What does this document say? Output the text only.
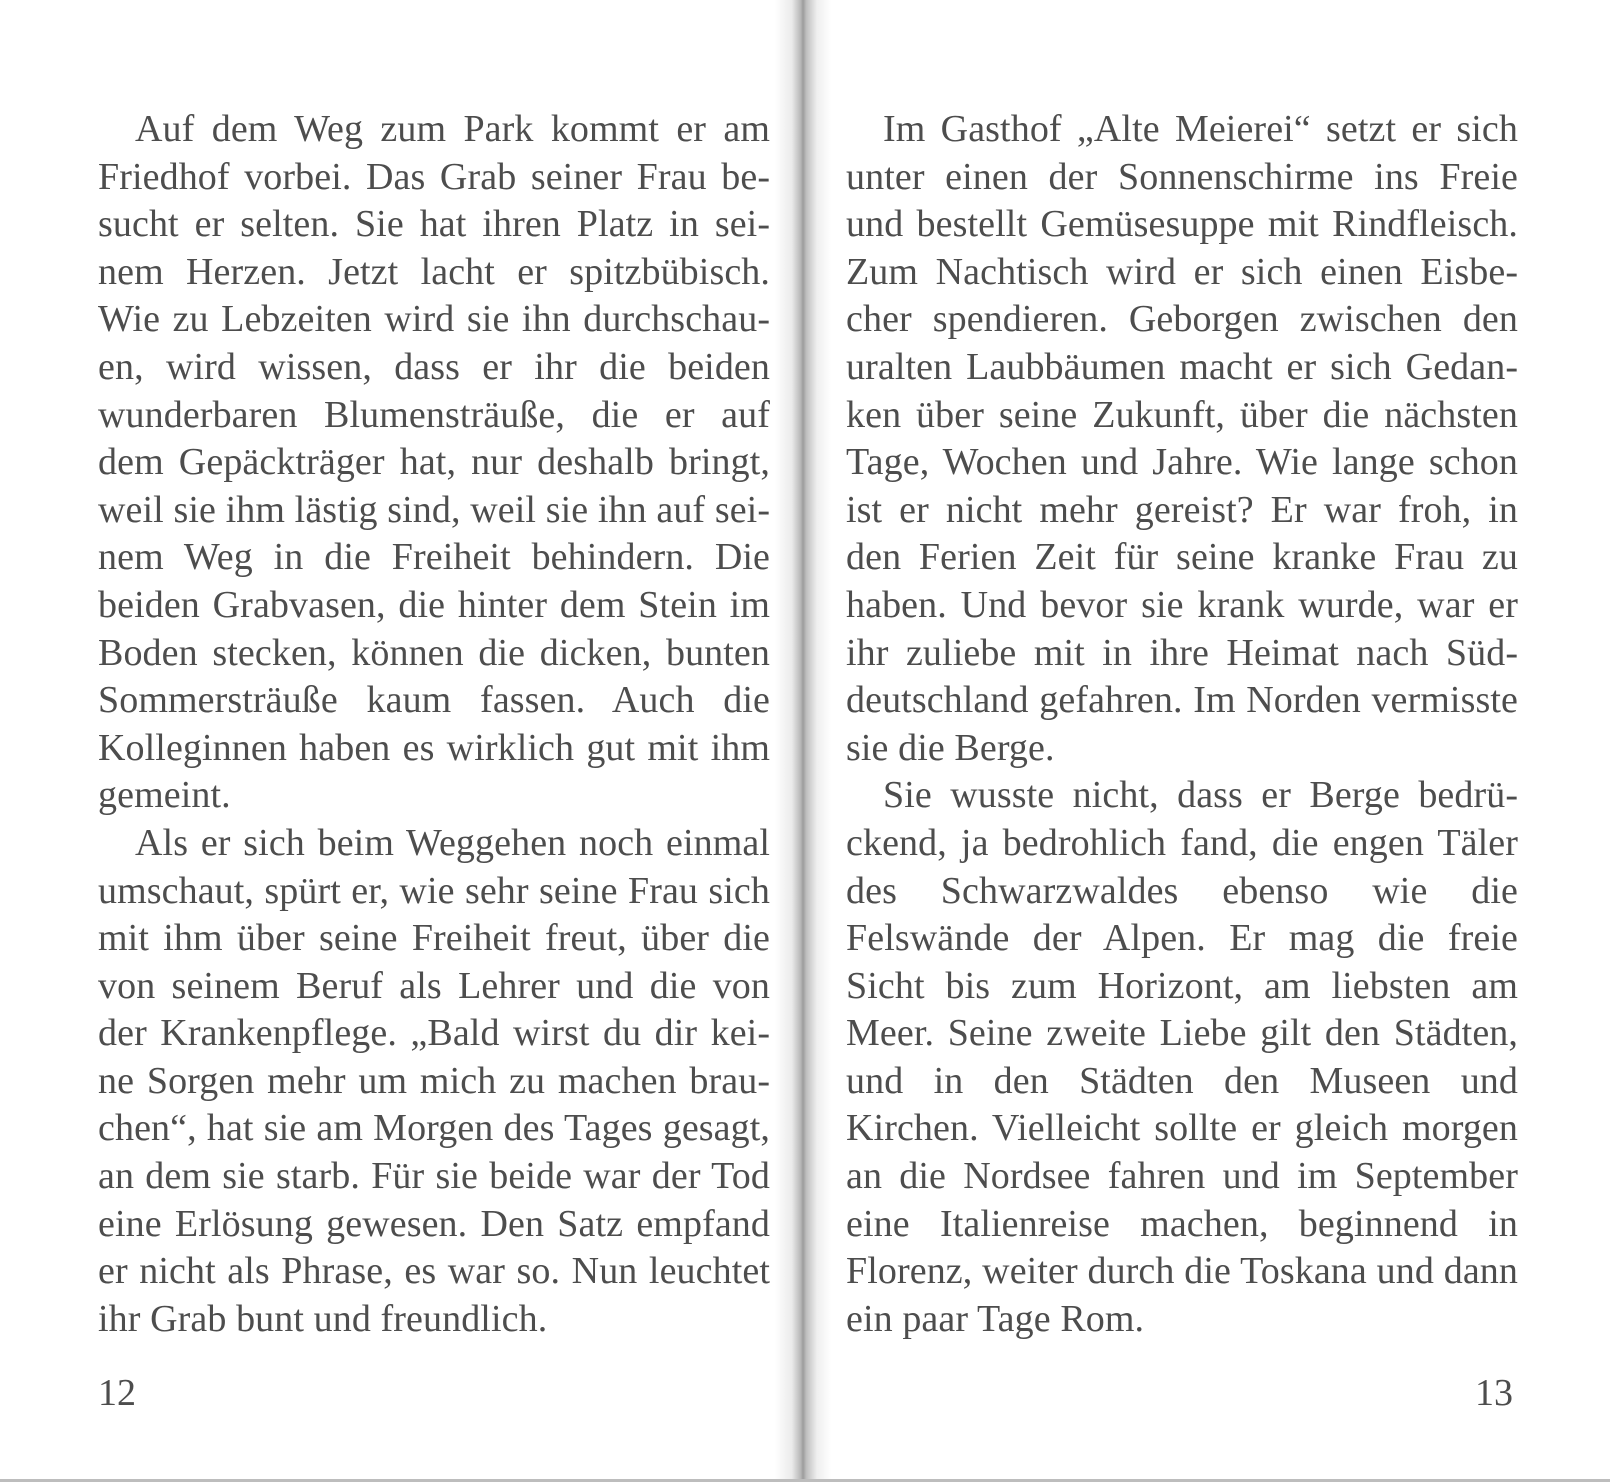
Auf dem Weg zum Park kommt er am Friedhof vorbei. Das Grab seiner Frau besucht er selten. Sie hat ihren Platz in seinem Herzen. Jetzt lacht er spitzbübisch. Wie zu Lebzeiten wird sie ihn durchschauen, wird wissen, dass er ihr die beiden wunderbaren Blumensträuße, die er auf dem Gepäckträger hat, nur deshalb bringt, weil sie ihm lästig sind, weil sie ihn auf seinem Weg in die Freiheit behindern. Die beiden Grabvasen, die hinter dem Stein im Boden stecken, können die dicken, bunten Sommersträuße kaum fassen. Auch die Kolleginnen haben es wirklich gut mit ihm gemeint.

Als er sich beim Weggehen noch einmal umschaut, spürt er, wie sehr seine Frau sich mit ihm über seine Freiheit freut, über die von seinem Beruf als Lehrer und die von der Krankenpflege. „Bald wirst du dir keine Sorgen mehr um mich zu machen brauchen“, hat sie am Morgen des Tages gesagt, an dem sie starb. Für sie beide war der Tod eine Erlösung gewesen. Den Satz empfand er nicht als Phrase, es war so. Nun leuchtet ihr Grab bunt und freundlich.

12

Im Gasthof „Alte Meierei“ setzt er sich unter einen der Sonnenschirme ins Freie und bestellt Gemüsesuppe mit Rindfleisch. Zum Nachtisch wird er sich einen Eisbecher spendieren. Geborgen zwischen den uralten Laubbäumen macht er sich Gedanken über seine Zukunft, über die nächsten Tage, Wochen und Jahre. Wie lange schon ist er nicht mehr gereist? Er war froh, in den Ferien Zeit für seine kranke Frau zu haben. Und bevor sie krank wurde, war er ihr zuliebe mit in ihre Heimat nach Süddeutschland gefahren. Im Norden vermisste sie die Berge.

Sie wusste nicht, dass er Berge bedrückend, ja bedrohlich fand, die engen Täler des Schwarzwaldes ebenso wie die Felswände der Alpen. Er mag die freie Sicht bis zum Horizont, am liebsten am Meer. Seine zweite Liebe gilt den Städten, und in den Städten den Museen und Kirchen. Vielleicht sollte er gleich morgen an die Nordsee fahren und im September eine Italienreise machen, beginnend in Florenz, weiter durch die Toskana und dann ein paar Tage Rom.

13
